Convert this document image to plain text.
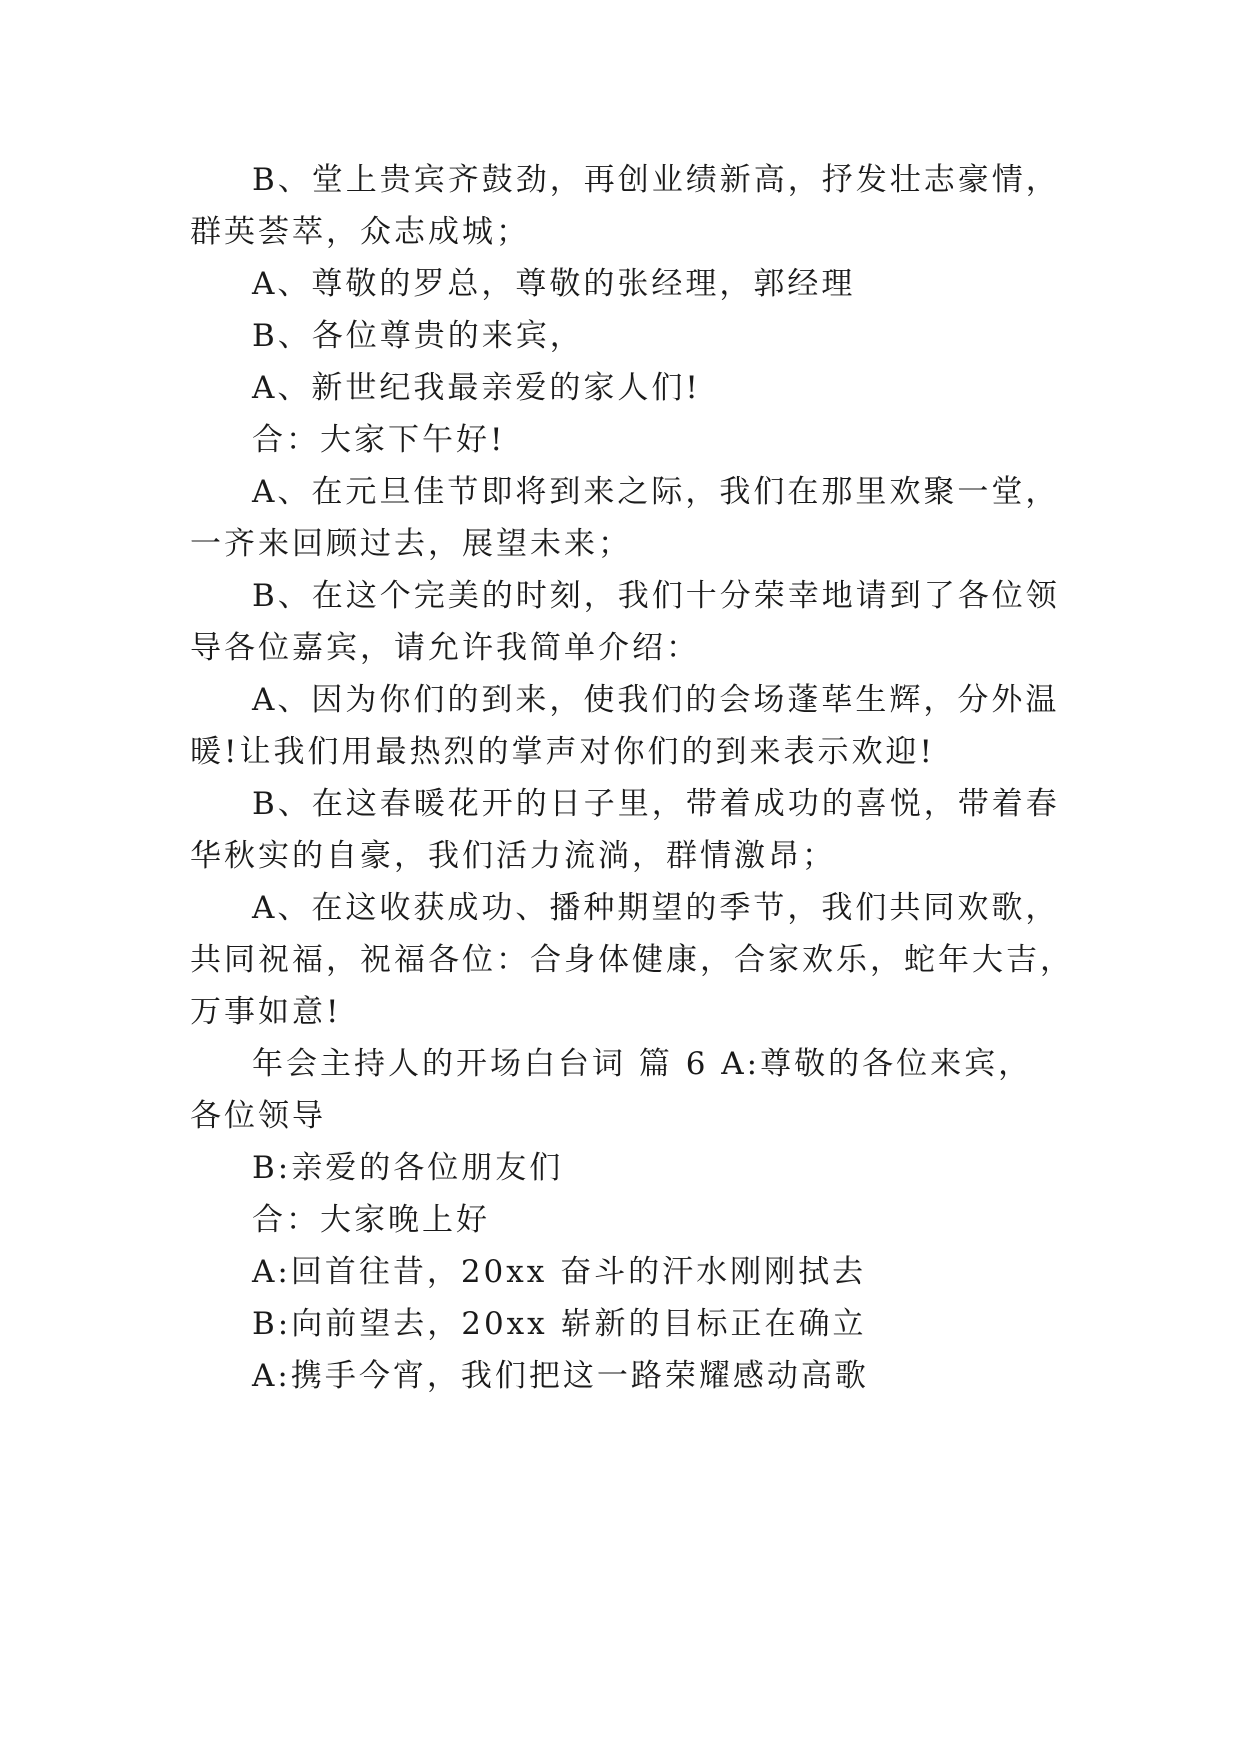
B、堂上贵宾齐鼓劲，再创业绩新高，抒发壮志豪情，
群英荟萃，众志成城；
A、尊敬的罗总，尊敬的张经理，郭经理
B、各位尊贵的来宾，
A、新世纪我最亲爱的家人们!
合：大家下午好!
A、在元旦佳节即将到来之际，我们在那里欢聚一堂，
一齐来回顾过去，展望未来；
B、在这个完美的时刻，我们十分荣幸地请到了各位领
导各位嘉宾，请允许我简单介绍：
A、因为你们的到来，使我们的会场蓬荜生辉，分外温
暖!让我们用最热烈的掌声对你们的到来表示欢迎!
B、在这春暖花开的日子里，带着成功的喜悦，带着春
华秋实的自豪，我们活力流淌，群情激昂；
A、在这收获成功、播种期望的季节，我们共同欢歌，
共同祝福，祝福各位：合身体健康，合家欢乐，蛇年大吉，
万事如意!
年会主持人的开场白台词 篇 6 A:尊敬的各位来宾，
各位领导
B:亲爱的各位朋友们
合：大家晚上好
A:回首往昔，20xx 奋斗的汗水刚刚拭去
B:向前望去，20xx 崭新的目标正在确立
A:携手今宵，我们把这一路荣耀感动高歌
